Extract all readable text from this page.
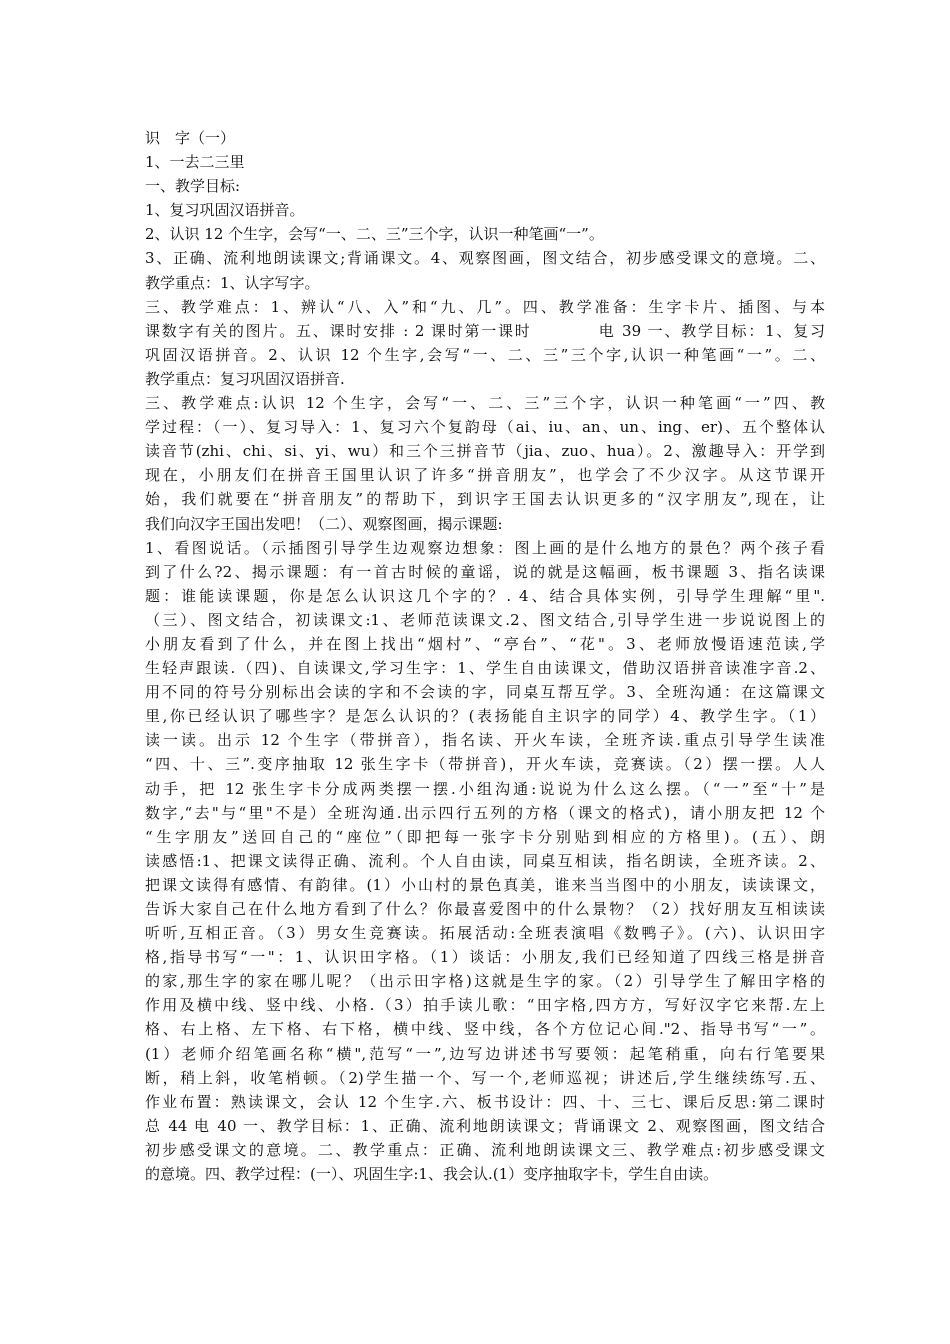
识　字（一）
1、一去二三里
一、教学目标:
1、复习巩固汉语拼音。
2、认识 12 个生字，会写“一、二、三”三个字，认识一种笔画“一”。
3、正确、流利地朗读课文;背诵课文。4、观察图画，图文结合，初步感受课文的意境。二、
教学重点：1、认字写字。
三、教学难点：1、辨认“八、入”和“九、几”。四、教学准备：生字卡片、插图、与本
课数字有关的图片。五、课时安排 : 2 课时第一课时　　　　电 39 一、教学目标：1、复习
巩固汉语拼音。2、认识 12 个生字,会写“一、二、三”三个字,认识一种笔画“一”。二、
教学重点：复习巩固汉语拼音.
三、教学难点:认识 12 个生字，会写“一、二、三”三个字，认识一种笔画“一”四、教
学过程：（一）、复习导入：1、复习六个复韵母（ai、iu、an、un、ing、er)、五个整体认
读音节(zhi、chi、si、yi、wu）和三个三拼音节（jia、zuo、hua）。2、激趣导入：开学到
现在，小朋友们在拼音王国里认识了许多“拼音朋友”，也学会了不少汉字。从这节课开
始，我们就要在“拼音朋友”的帮助下，到识字王国去认识更多的“汉字朋友”,现在，让
我们向汉字王国出发吧！（二）、观察图画，揭示课题:
1、看图说话。（示插图引导学生边观察边想象：图上画的是什么地方的景色？两个孩子看
到了什么?2、揭示课题：有一首古时候的童谣，说的就是这幅画，板书课题 3、指名读课
题：谁能读课题，你是怎么认识这几个字的？. 4、结合具体实例，引导学生理解“里".
（三）、图文结合，初读课文:1、老师范读课文.2、图文结合,引导学生进一步说说图上的
小朋友看到了什么，并在图上找出“烟村”、“亭台”、“花"。3、老师放慢语速范读,学
生轻声跟读.（四)、自读课文,学习生字：1、学生自由读课文，借助汉语拼音读准字音.2、
用不同的符号分别标出会读的字和不会读的字，同桌互帮互学。3、全班沟通：在这篇课文
里,你已经认识了哪些字？是怎么认识的？(表扬能自主识字的同学）4、教学生字。（1）
读一读。出示 12 个生字（带拼音），指名读、开火车读，全班齐读.重点引导学生读准
“四、十、三”.变序抽取 12 张生字卡（带拼音)，开火车读，竞赛读。（2）摆一摆。人人
动手，把 12 张生字卡分成两类摆一摆.小组沟通:说说为什么这么摆。（“一”至“十”是
数字,“去"与“里"不是）全班沟通.出示四行五列的方格（课文的格式)，请小朋友把 12 个
“生字朋友”送回自己的“座位”（即把每一张字卡分别贴到相应的方格里)。(五）、朗
读感悟:1、把课文读得正确、流利。个人自由读，同桌互相读，指名朗读，全班齐读。2、
把课文读得有感情、有韵律。(1）小山村的景色真美，谁来当当图中的小朋友，读读课文，
告诉大家自己在什么地方看到了什么？你最喜爱图中的什么景物？（2）找好朋友互相读读
听听,互相正音。（3）男女生竞赛读。拓展活动:全班表演唱《数鸭子》。(六)、认识田字
格,指导书写“一"：1、认识田字格。（1）谈话：小朋友,我们已经知道了四线三格是拼音
的家,那生字的家在哪儿呢？（出示田字格)这就是生字的家。（2）引导学生了解田字格的
作用及横中线、竖中线、小格.（3）拍手读儿歌：“田字格,四方方，写好汉字它来帮.左上
格、右上格、左下格、右下格，横中线、竖中线，各个方位记心间."2、指导书写“一”。
(1）老师介绍笔画名称“横",范写“一”,边写边讲述书写要领：起笔稍重，向右行笔要果
断，稍上斜，收笔梢顿。（2)学生描一个、写一个,老师巡视；讲述后,学生继续练写.五、
作业布置：熟读课文，会认 12 个生字.六、板书设计：四、十、三七、课后反思:第二课时
总 44 电 40 一、教学目标：1、正确、流利地朗读课文；背诵课文 2、观察图画，图文结合
初步感受课文的意境。二、教学重点：正确、流利地朗读课文三、教学难点:初步感受课文
的意境。四、教学过程：(一）、巩固生字:1、我会认.(1）变序抽取字卡，学生自由读。
